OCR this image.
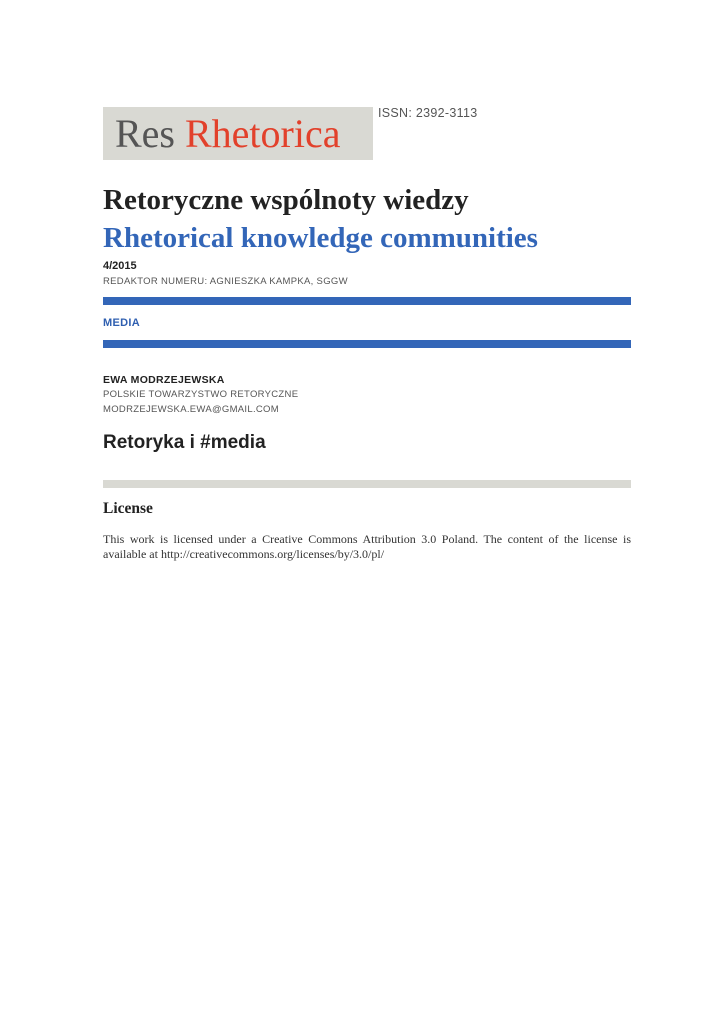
Res Rhetorica	ISSN: 2392-3113
Retoryczne wspólnoty wiedzy
Rhetorical knowledge communities
4/2015
REDAKTOR NUMERU: AGNIESZKA KAMPKA, SGGW
MEDIA
EWA MODRZEJEWSKA
POLSKIE TOWARZYSTWO RETORYCZNE
MODRZEJEWSKA.EWA@GMAIL.COM
Retoryka i #media
License
This work is licensed under a Creative Commons Attribution 3.0 Poland. The content of the license is available at http://creativecommons.org/licenses/by/3.0/pl/
